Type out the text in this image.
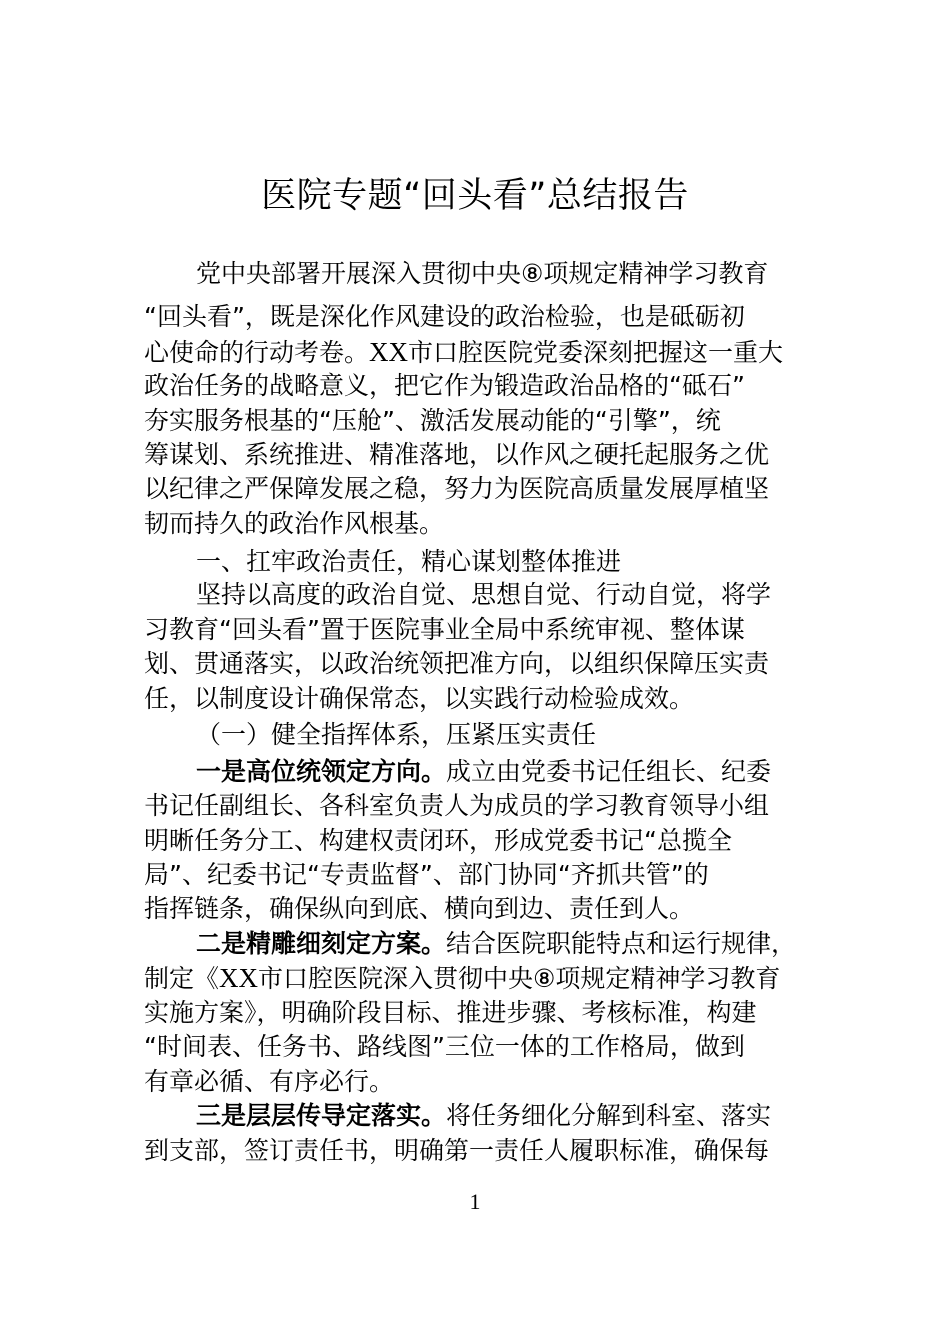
医院专题“回头看”总结报告
党中央部署开展深入贯彻中央⑧项规定精神学习教育
“回头看”，既是深化作风建设的政治检验，也是砥砺初
心使命的行动考卷。XX市口腔医院党委深刻把握这一重大
政治任务的战略意义，把它作为锻造政治品格的“砥石”
夯实服务根基的“压舱”、激活发展动能的“引擎”，统
筹谋划、系统推进、精准落地，以作风之硬托起服务之优
以纪律之严保障发展之稳，努力为医院高质量发展厚植坚
韧而持久的政治作风根基。
一、扛牢政治责任，精心谋划整体推进
坚持以高度的政治自觉、思想自觉、行动自觉，将学
习教育“回头看”置于医院事业全局中系统审视、整体谋
划、贯通落实，以政治统领把准方向，以组织保障压实责
任，以制度设计确保常态，以实践行动检验成效。
（一）健全指挥体系，压紧压实责任
一是高位统领定方向。成立由党委书记任组长、纪委
书记任副组长、各科室负责人为成员的学习教育领导小组
明晰任务分工、构建权责闭环，形成党委书记“总揽全
局”、纪委书记“专责监督”、部门协同“齐抓共管”的
指挥链条，确保纵向到底、横向到边、责任到人。
二是精雕细刻定方案。结合医院职能特点和运行规律，
制定《XX市口腔医院深入贯彻中央⑧项规定精神学习教育
实施方案》，明确阶段目标、推进步骤、考核标准，构建
“时间表、任务书、路线图”三位一体的工作格局，做到
有章必循、有序必行。
三是层层传导定落实。将任务细化分解到科室、落实
到支部，签订责任书，明确第一责任人履职标准，确保每
1
